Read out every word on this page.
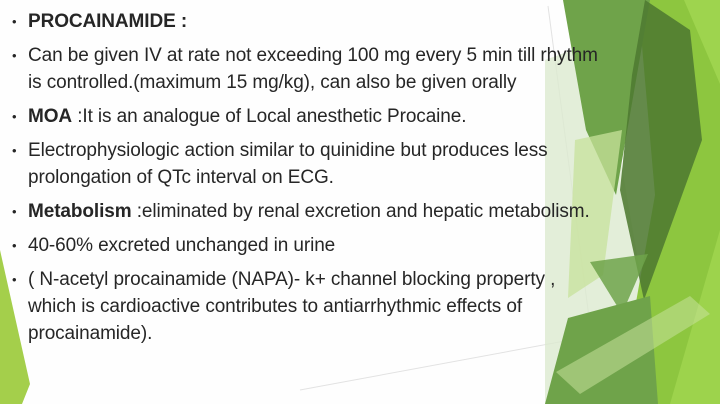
• PROCAINAMIDE :
• Can be given IV at rate not exceeding 100 mg every 5 min till rhythm
is controlled.(maximum 15 mg/kg), can also be given orally
• MOA :It is an analogue of Local anesthetic Procaine.
• Electrophysiologic action similar to quinidine but produces less
prolongation of QTc interval on ECG.
• Metabolism :eliminated by renal excretion and hepatic metabolism.
• 40-60% excreted unchanged in urine
• ( N-acetyl procainamide (NAPA)- k+ channel blocking property ,
which is cardioactive contributes to antiarrhythmic effects of
procainamide).
